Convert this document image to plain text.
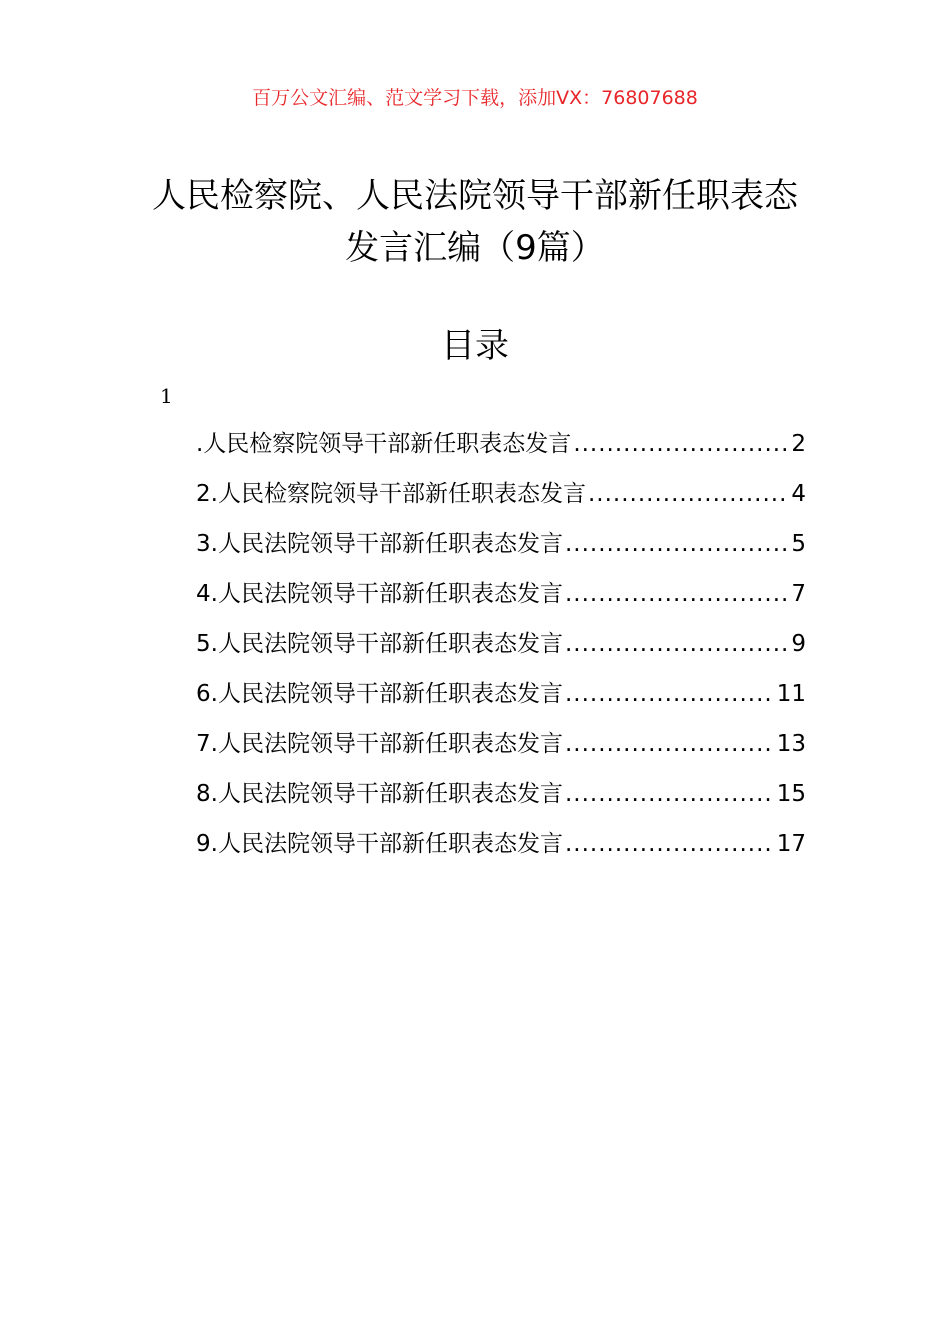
百万公文汇编、范文学习下载，添加VX：76807688
人民检察院、人民法院领导干部新任职表态发言汇编（9篇）
目录
1
.人民检察院领导干部新任职表态发言 .....	2
2.人民检察院领导干部新任职表态发言 .....	4
3.人民法院领导干部新任职表态发言 .....	5
4.人民法院领导干部新任职表态发言 .....	7
5.人民法院领导干部新任职表态发言 .....	9
6.人民法院领导干部新任职表态发言 .....	11
7.人民法院领导干部新任职表态发言 .....	13
8.人民法院领导干部新任职表态发言 .....	15
9.人民法院领导干部新任职表态发言 .....	17
